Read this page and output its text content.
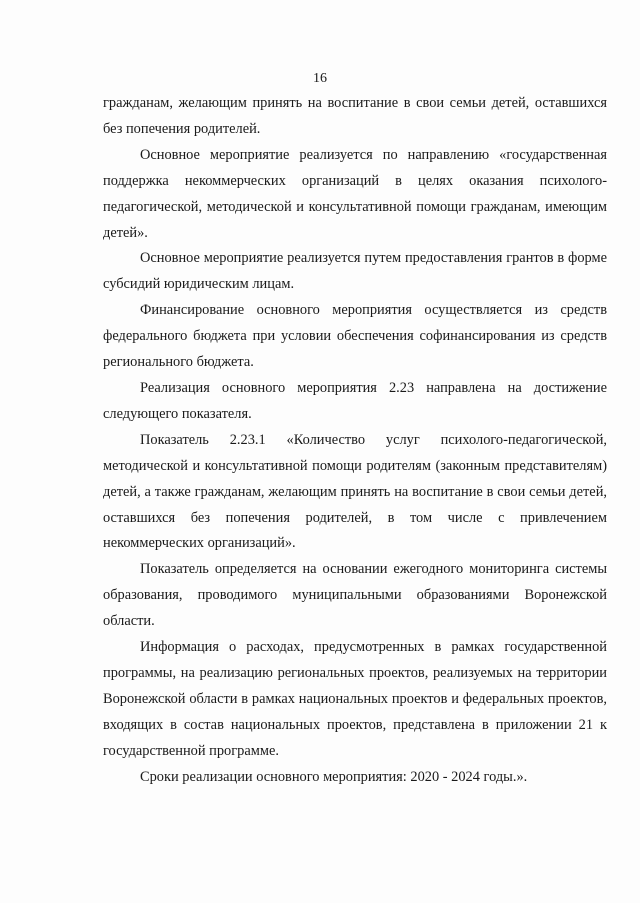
16

гражданам, желающим принять на воспитание в свои семьи детей, оставшихся без попечения родителей.

Основное мероприятие реализуется по направлению «государственная поддержка некоммерческих организаций в целях оказания психолого-педагогической, методической и консультативной помощи гражданам, имеющим детей».

Основное мероприятие реализуется путем предоставления грантов в форме субсидий юридическим лицам.

Финансирование основного мероприятия осуществляется из средств федерального бюджета при условии обеспечения софинансирования из средств регионального бюджета.

Реализация основного мероприятия 2.23 направлена на достижение следующего показателя.

Показатель 2.23.1 «Количество услуг психолого-педагогической, методической и консультативной помощи родителям (законным представителям) детей, а также гражданам, желающим принять на воспитание в свои семьи детей, оставшихся без попечения родителей, в том числе с привлечением некоммерческих организаций».

Показатель определяется на основании ежегодного мониторинга системы образования, проводимого муниципальными образованиями Воронежской области.

Информация о расходах, предусмотренных в рамках государственной программы, на реализацию региональных проектов, реализуемых на территории Воронежской области в рамках национальных проектов и федеральных проектов, входящих в состав национальных проектов, представлена в приложении 21 к государственной программе.

Сроки реализации основного мероприятия: 2020 - 2024 годы.».
